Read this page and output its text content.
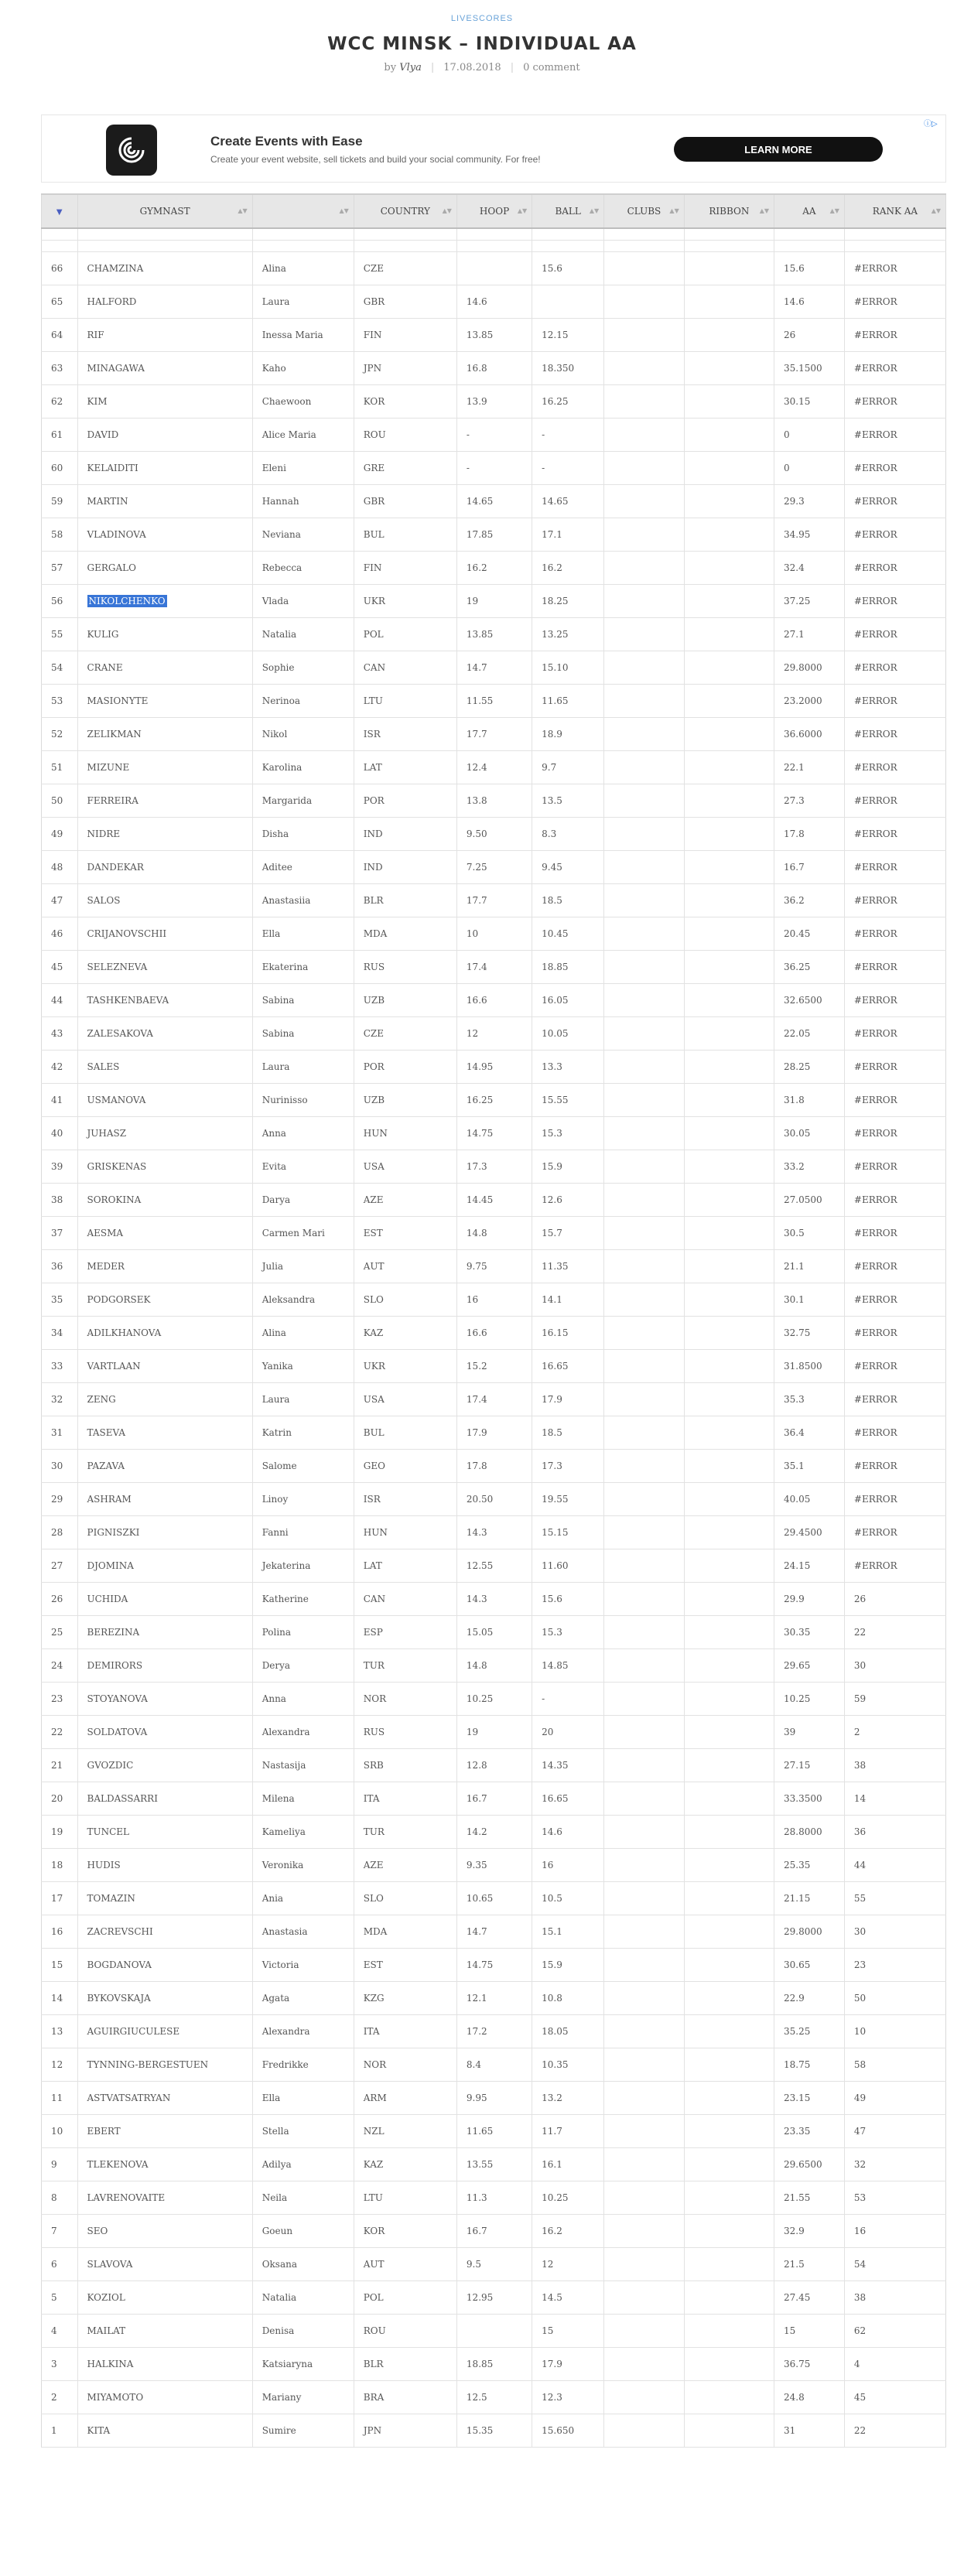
LIVESCORES
WCC MINSK – INDIVIDUAL AA
by Vlya | 17.08.2018 | 0 comment
Create Events with Ease
Create your event website, sell tickets and build your social community. For free!
LEARN MORE
ⓘ▷
▼	GYMNAST ▲▼	▲▼	COUNTRY ▲▼	HOOP ▲▼	BALL ▲▼	CLUBS ▲▼	RIBBON ▲▼	AA ▲▼	RANK AA ▲▼

66	CHAMZINA	Alina	CZE		15.6			15.6	#ERROR
65	HALFORD	Laura	GBR	14.6				14.6	#ERROR
64	RIF	Inessa Maria	FIN	13.85	12.15			26	#ERROR
63	MINAGAWA	Kaho	JPN	16.8	18.350			35.1500	#ERROR
62	KIM	Chaewoon	KOR	13.9	16.25			30.15	#ERROR
61	DAVID	Alice Maria	ROU	-	-			0	#ERROR
60	KELAIDITI	Eleni	GRE	-	-			0	#ERROR
59	MARTIN	Hannah	GBR	14.65	14.65			29.3	#ERROR
58	VLADINOVA	Neviana	BUL	17.85	17.1			34.95	#ERROR
57	GERGALO	Rebecca	FIN	16.2	16.2			32.4	#ERROR
56	NIKOLCHENKO	Vlada	UKR	19	18.25			37.25	#ERROR
55	KULIG	Natalia	POL	13.85	13.25			27.1	#ERROR
54	CRANE	Sophie	CAN	14.7	15.10			29.8000	#ERROR
53	MASIONYTE	Nerinoa	LTU	11.55	11.65			23.2000	#ERROR
52	ZELIKMAN	Nikol	ISR	17.7	18.9			36.6000	#ERROR
51	MIZUNE	Karolina	LAT	12.4	9.7			22.1	#ERROR
50	FERREIRA	Margarida	POR	13.8	13.5			27.3	#ERROR
49	NIDRE	Disha	IND	9.50	8.3			17.8	#ERROR
48	DANDEKAR	Aditee	IND	7.25	9.45			16.7	#ERROR
47	SALOS	Anastasiia	BLR	17.7	18.5			36.2	#ERROR
46	CRIJANOVSCHII	Ella	MDA	10	10.45			20.45	#ERROR
45	SELEZNEVA	Ekaterina	RUS	17.4	18.85			36.25	#ERROR
44	TASHKENBAEVA	Sabina	UZB	16.6	16.05			32.6500	#ERROR
43	ZALESAKOVA	Sabina	CZE	12	10.05			22.05	#ERROR
42	SALES	Laura	POR	14.95	13.3			28.25	#ERROR
41	USMANOVA	Nurinisso	UZB	16.25	15.55			31.8	#ERROR
40	JUHASZ	Anna	HUN	14.75	15.3			30.05	#ERROR
39	GRISKENAS	Evita	USA	17.3	15.9			33.2	#ERROR
38	SOROKINA	Darya	AZE	14.45	12.6			27.0500	#ERROR
37	AESMA	Carmen Mari	EST	14.8	15.7			30.5	#ERROR
36	MEDER	Julia	AUT	9.75	11.35			21.1	#ERROR
35	PODGORSEK	Aleksandra	SLO	16	14.1			30.1	#ERROR
34	ADILKHANOVA	Alina	KAZ	16.6	16.15			32.75	#ERROR
33	VARTLAAN	Yanika	UKR	15.2	16.65			31.8500	#ERROR
32	ZENG	Laura	USA	17.4	17.9			35.3	#ERROR
31	TASEVA	Katrin	BUL	17.9	18.5			36.4	#ERROR
30	PAZAVA	Salome	GEO	17.8	17.3			35.1	#ERROR
29	ASHRAM	Linoy	ISR	20.50	19.55			40.05	#ERROR
28	PIGNISZKI	Fanni	HUN	14.3	15.15			29.4500	#ERROR
27	DJOMINA	Jekaterina	LAT	12.55	11.60			24.15	#ERROR
26	UCHIDA	Katherine	CAN	14.3	15.6			29.9	26
25	BEREZINA	Polina	ESP	15.05	15.3			30.35	22
24	DEMIRORS	Derya	TUR	14.8	14.85			29.65	30
23	STOYANOVA	Anna	NOR	10.25	-			10.25	59
22	SOLDATOVA	Alexandra	RUS	19	20			39	2
21	GVOZDIC	Nastasija	SRB	12.8	14.35			27.15	38
20	BALDASSARRI	Milena	ITA	16.7	16.65			33.3500	14
19	TUNCEL	Kameliya	TUR	14.2	14.6			28.8000	36
18	HUDIS	Veronika	AZE	9.35	16			25.35	44
17	TOMAZIN	Ania	SLO	10.65	10.5			21.15	55
16	ZACREVSCHI	Anastasia	MDA	14.7	15.1			29.8000	30
15	BOGDANOVA	Victoria	EST	14.75	15.9			30.65	23
14	BYKOVSKAJA	Agata	KZG	12.1	10.8			22.9	50
13	AGUIRGIUCULESE	Alexandra	ITA	17.2	18.05			35.25	10
12	TYNNING-BERGESTUEN	Fredrikke	NOR	8.4	10.35			18.75	58
11	ASTVATSATRYAN	Ella	ARM	9.95	13.2			23.15	49
10	EBERT	Stella	NZL	11.65	11.7			23.35	47
9	TLEKENOVA	Adilya	KAZ	13.55	16.1			29.6500	32
8	LAVRENOVAITE	Neila	LTU	11.3	10.25			21.55	53
7	SEO	Goeun	KOR	16.7	16.2			32.9	16
6	SLAVOVA	Oksana	AUT	9.5	12			21.5	54
5	KOZIOL	Natalia	POL	12.95	14.5			27.45	38
4	MAILAT	Denisa	ROU		15			15	62
3	HALKINA	Katsiaryna	BLR	18.85	17.9			36.75	4
2	MIYAMOTO	Mariany	BRA	12.5	12.3			24.8	45
1	KITA	Sumire	JPN	15.35	15.650			31	22
